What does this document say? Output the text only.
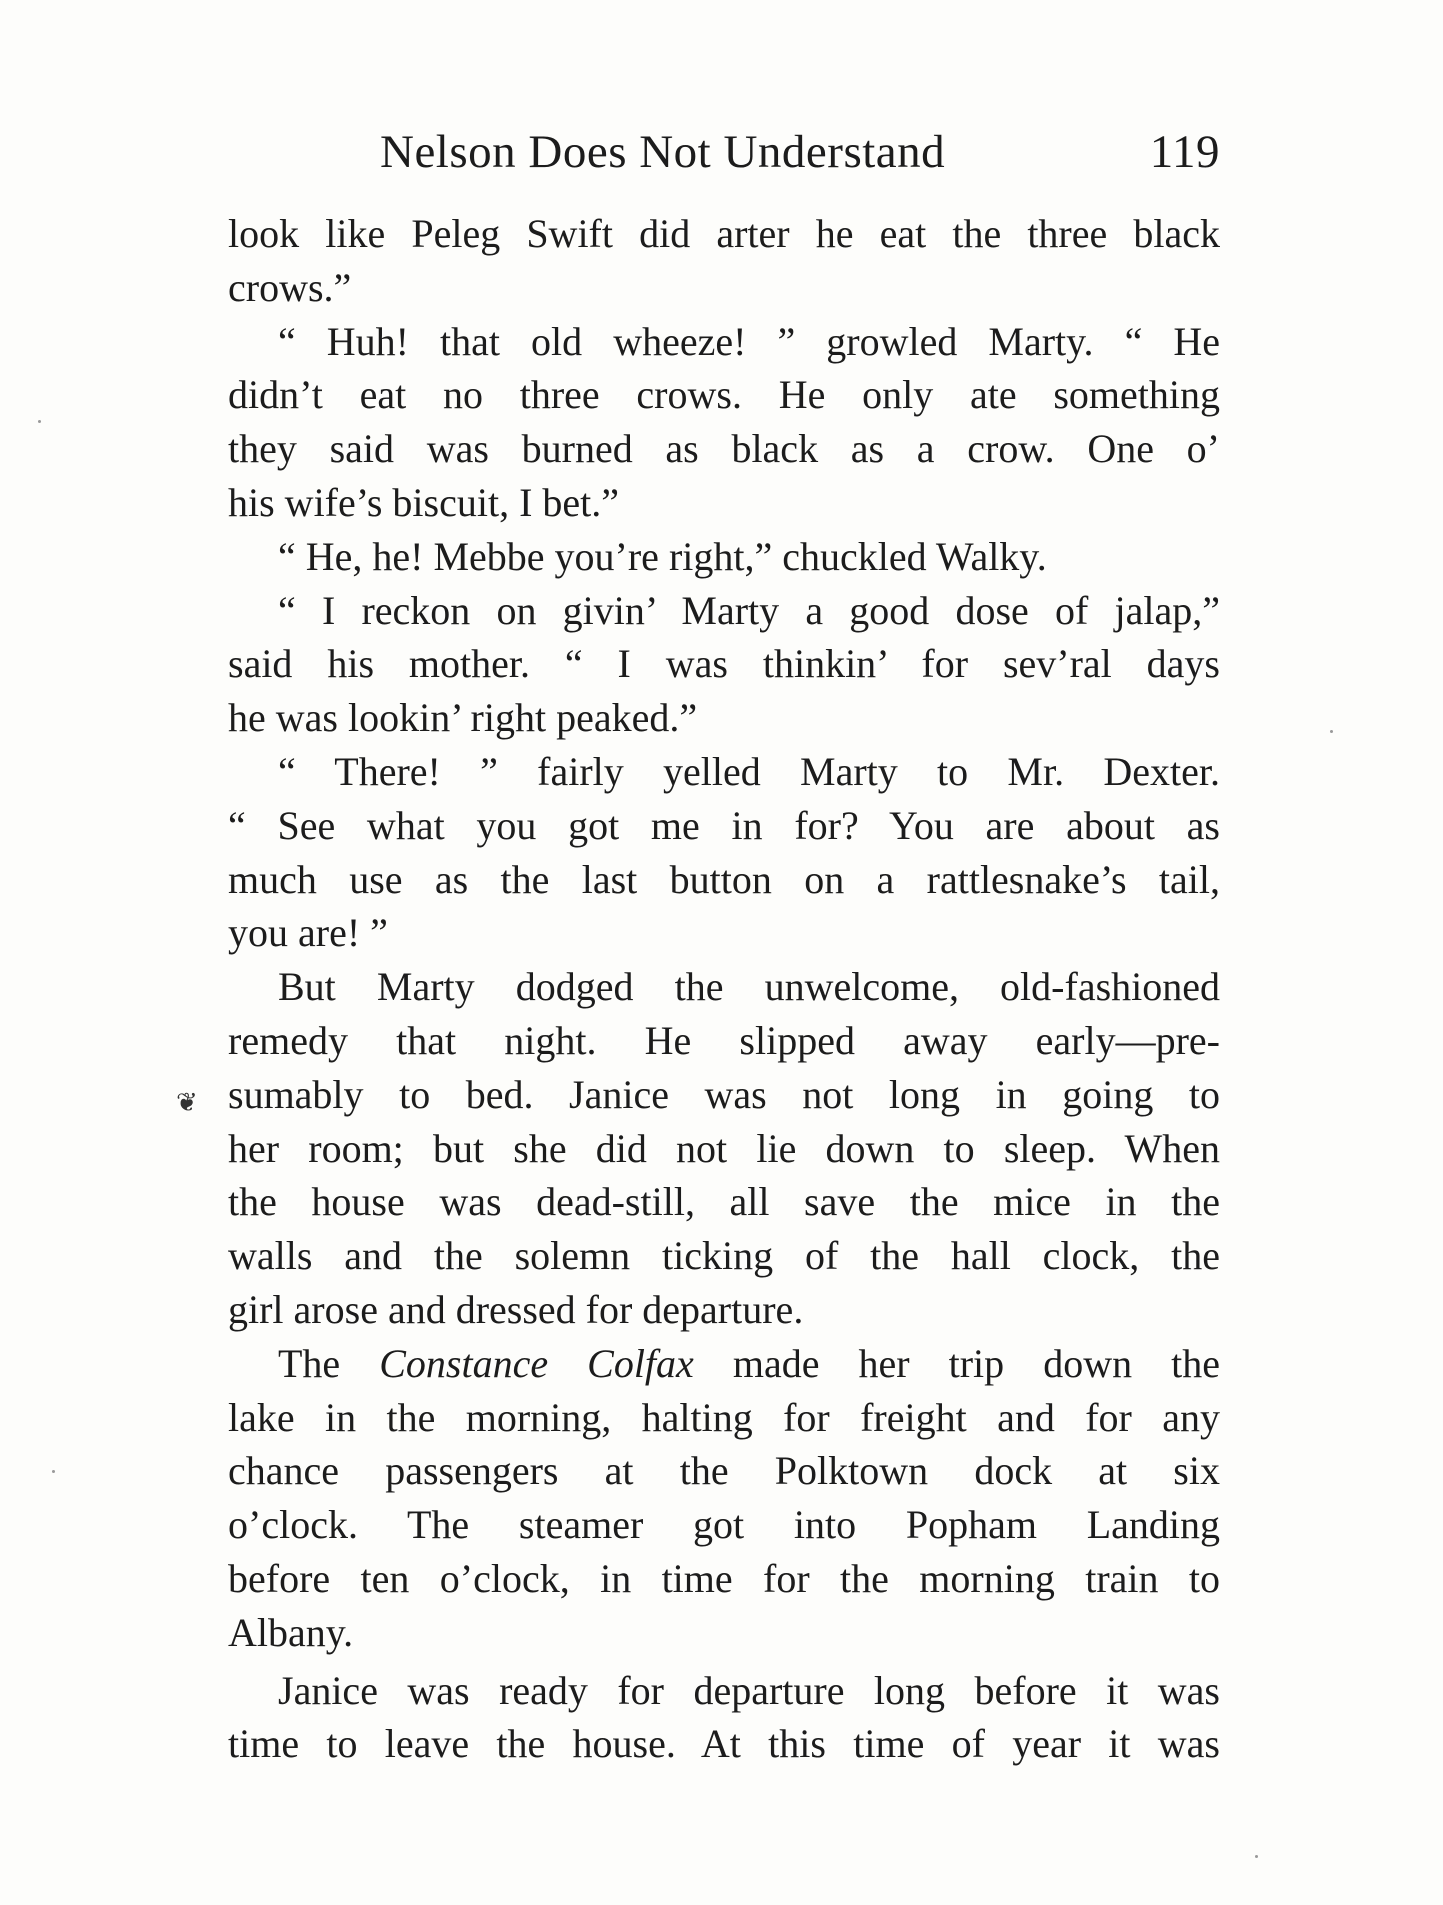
Nelson Does Not Understand	119
❦
look like Peleg Swift did arter he eat the three black
crows.”
“ Huh! that old wheeze! ” growled Marty. “ He
didn’t eat no three crows. He only ate something
they said was burned as black as a crow. One o’
his wife’s biscuit, I bet.”
“ He, he! Mebbe you’re right,” chuckled Walky.
“ I reckon on givin’ Marty a good dose of jalap,”
said his mother. “ I was thinkin’ for sev’ral days
he was lookin’ right peaked.”
“ There! ” fairly yelled Marty to Mr. Dexter.
“ See what you got me in for? You are about as
much use as the last button on a rattlesnake’s tail,
you are! ”
But Marty dodged the unwelcome, old-fashioned
remedy that night. He slipped away early—pre-
sumably to bed. Janice was not long in going to
her room; but she did not lie down to sleep. When
the house was dead-still, all save the mice in the
walls and the solemn ticking of the hall clock, the
girl arose and dressed for departure.
The Constance Colfax made her trip down the
lake in the morning, halting for freight and for any
chance passengers at the Polktown dock at six
o’clock. The steamer got into Popham Landing
before ten o’clock, in time for the morning train to
Albany.
Janice was ready for departure long before it was
time to leave the house. At this time of year it was
